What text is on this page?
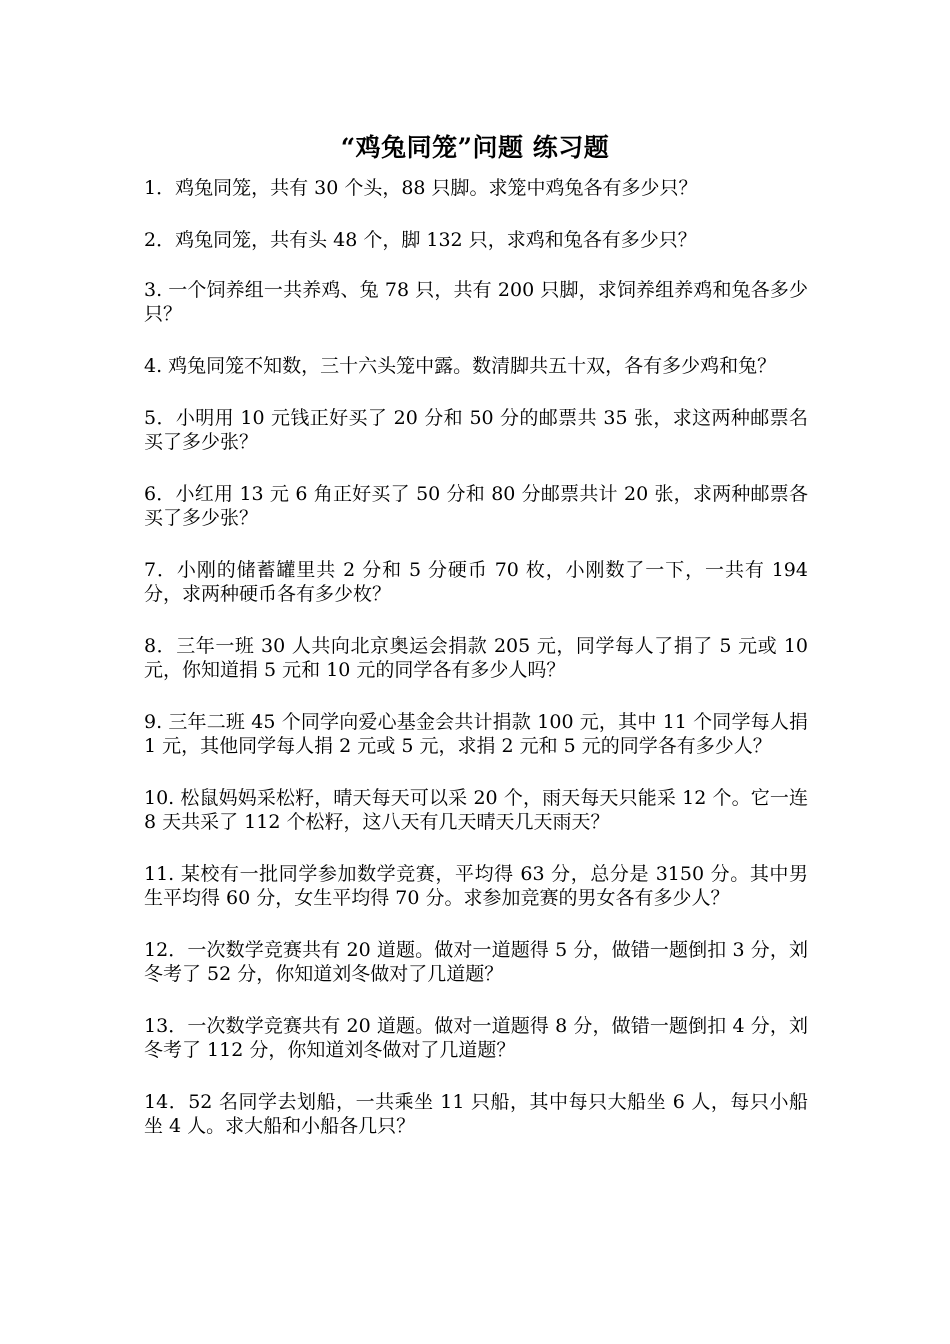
“鸡兔同笼”问题 练习题
1．鸡兔同笼，共有 30 个头，88 只脚。求笼中鸡兔各有多少只？
2．鸡兔同笼，共有头 48 个，脚 132 只，求鸡和兔各有多少只？
3. 一个饲养组一共养鸡、兔 78 只，共有 200 只脚，求饲养组养鸡和兔各多少只？
4. 鸡兔同笼不知数，三十六头笼中露。数清脚共五十双，各有多少鸡和兔？
5．小明用 10 元钱正好买了 20 分和 50 分的邮票共 35 张，求这两种邮票名买了多少张？
6．小红用 13 元 6 角正好买了 50 分和 80 分邮票共计 20 张，求两种邮票各买了多少张？
7．小刚的储蓄罐里共 2 分和 5 分硬币 70 枚，小刚数了一下，一共有 194 分，求两种硬币各有多少枚？
8．三年一班 30 人共向北京奥运会捐款 205 元，同学每人了捐了 5 元或 10 元，你知道捐 5 元和 10 元的同学各有多少人吗？
9. 三年二班 45 个同学向爱心基金会共计捐款 100 元，其中 11 个同学每人捐 1 元，其他同学每人捐 2 元或 5 元，求捐 2 元和 5 元的同学各有多少人？
10. 松鼠妈妈采松籽，晴天每天可以采 20 个，雨天每天只能采 12 个。它一连 8 天共采了 112 个松籽，这八天有几天晴天几天雨天？
11. 某校有一批同学参加数学竞赛，平均得 63 分，总分是 3150 分。其中男生平均得 60 分，女生平均得 70 分。求参加竞赛的男女各有多少人？
12．一次数学竞赛共有 20 道题。做对一道题得 5 分，做错一题倒扣 3 分，刘冬考了 52 分，你知道刘冬做对了几道题？
13．一次数学竞赛共有 20 道题。做对一道题得 8 分，做错一题倒扣 4 分，刘冬考了 112 分，你知道刘冬做对了几道题？
14．52 名同学去划船，一共乘坐 11 只船，其中每只大船坐 6 人，每只小船坐 4 人。求大船和小船各几只？
